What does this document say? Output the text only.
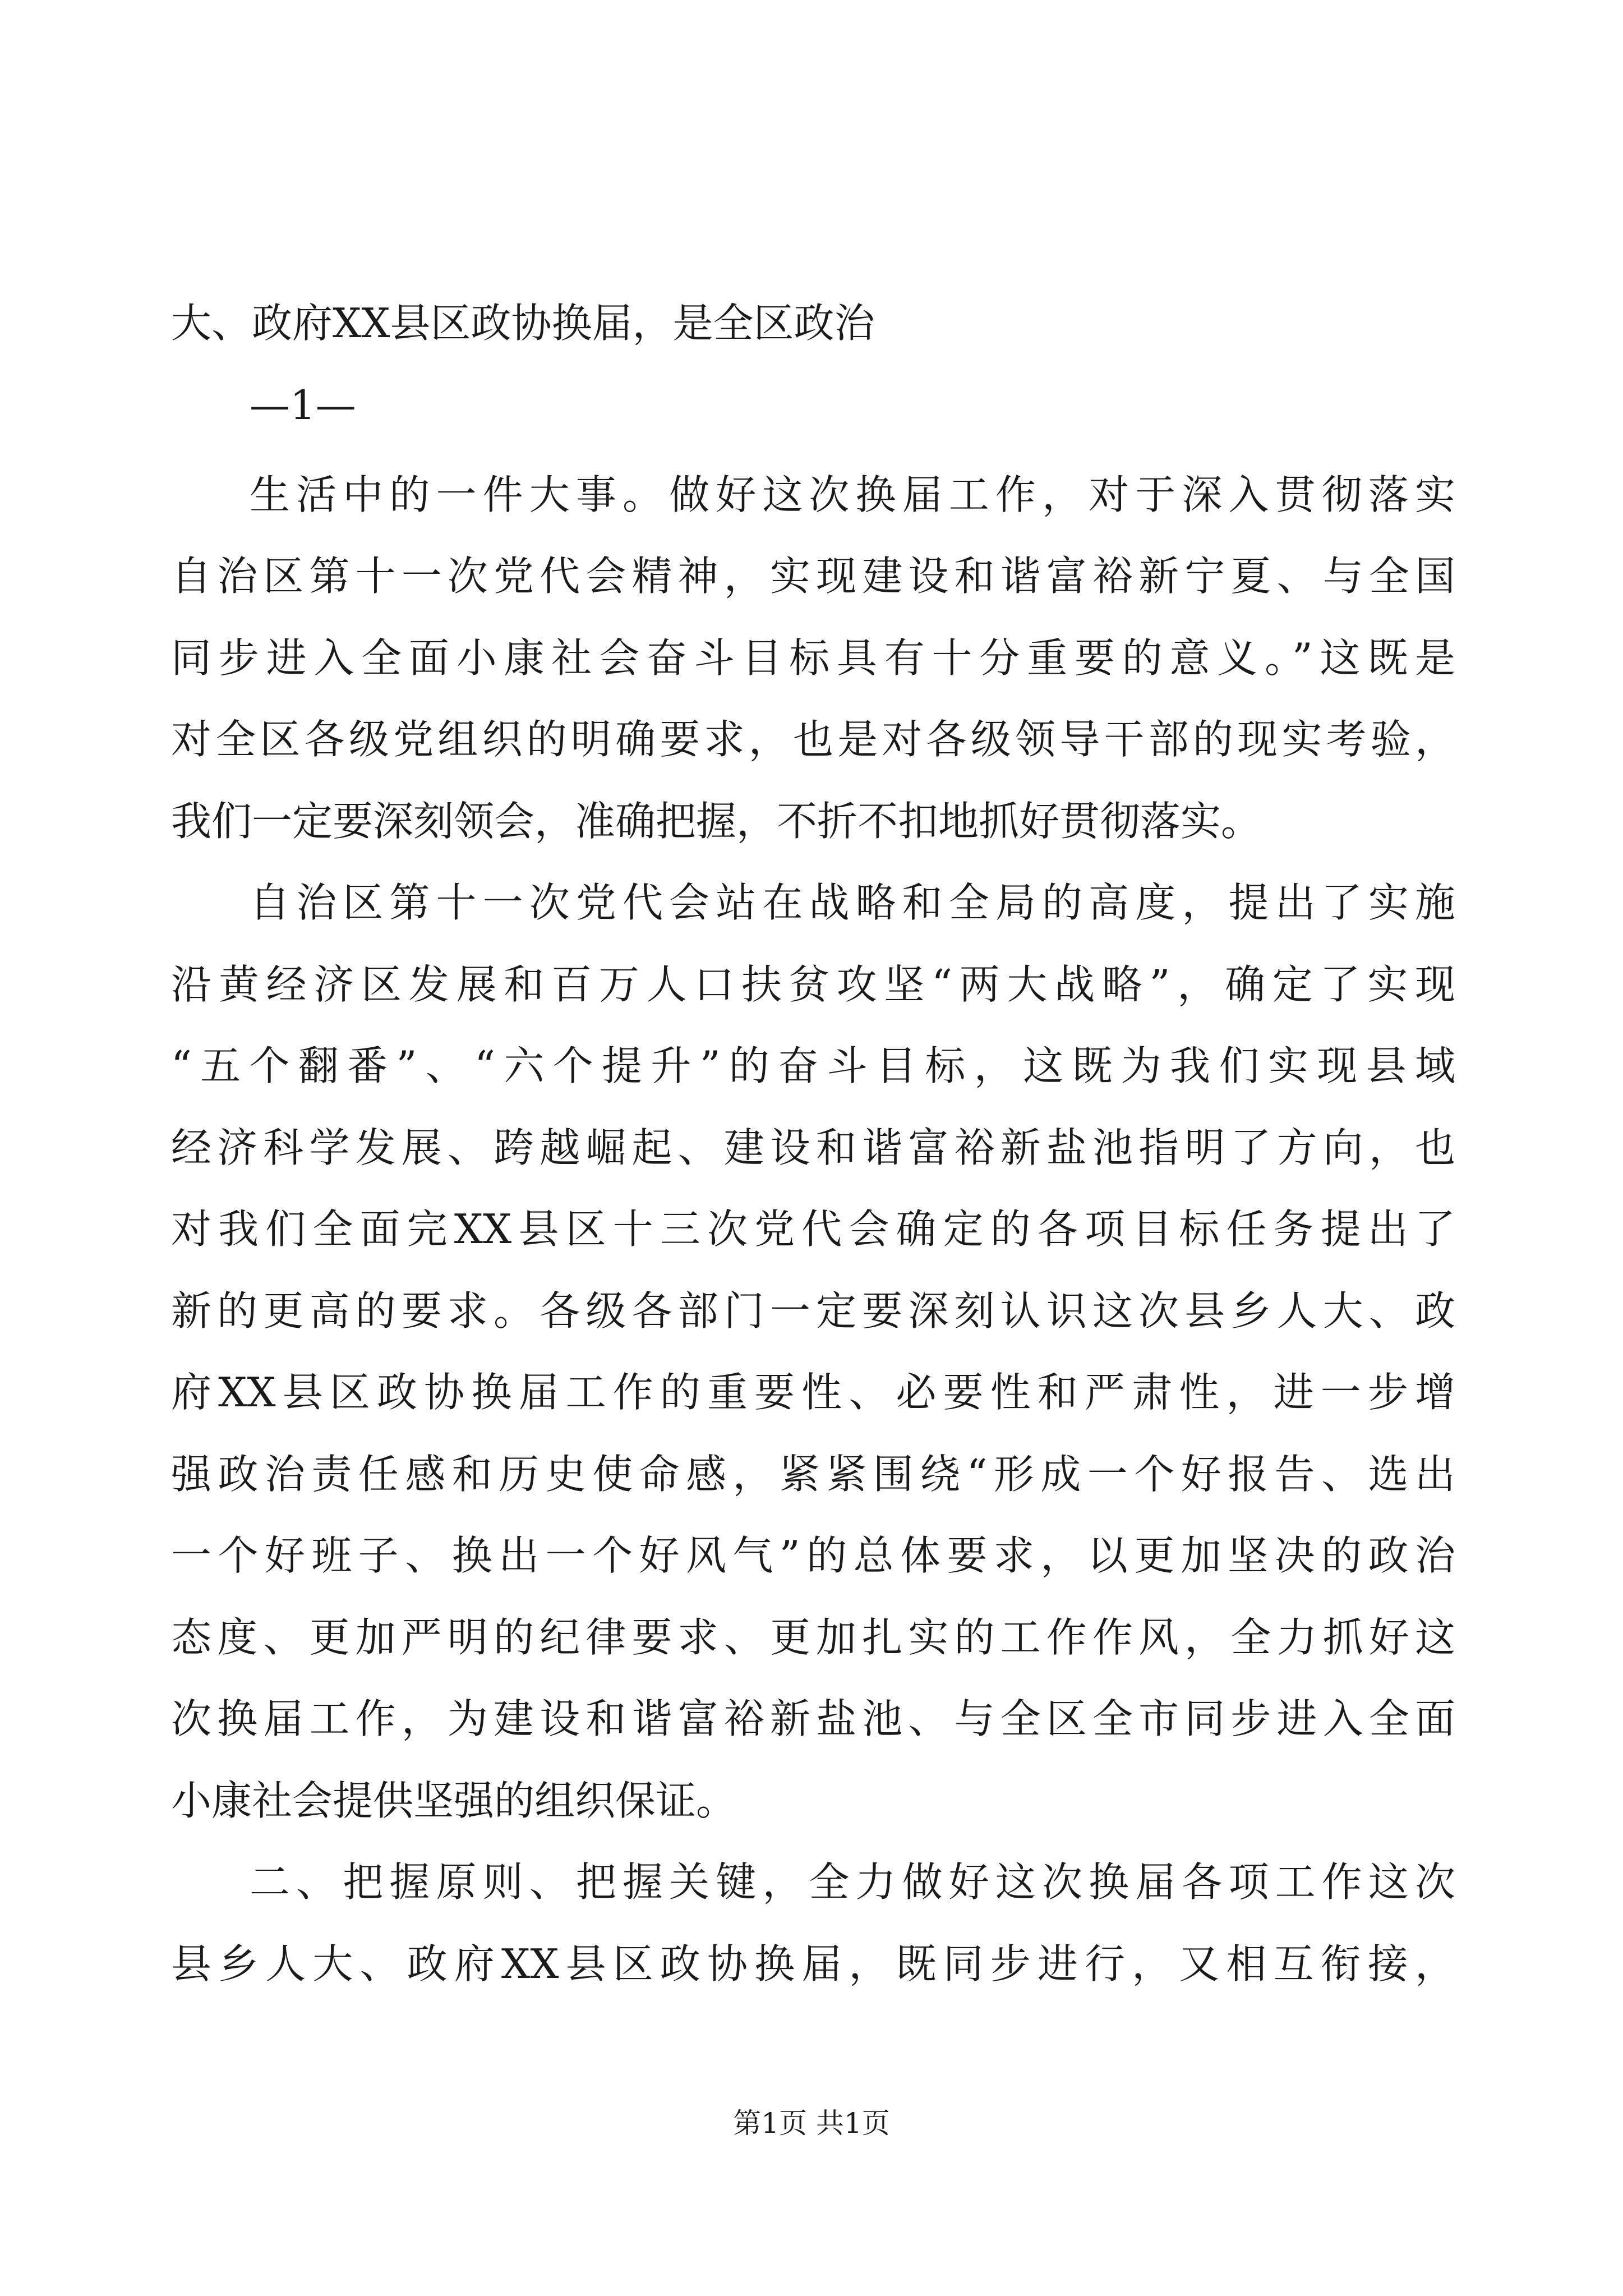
大、政府XX县区政协换届，是全区政治
—1—
生活中的一件大事。做好这次换届工作，对于深入贯彻落实
自治区第十一次党代会精神，实现建设和谐富裕新宁夏、与全国
同步进入全面小康社会奋斗目标具有十分重要的意义。”这既是
对全区各级党组织的明确要求，也是对各级领导干部的现实考验，
我们一定要深刻领会，准确把握，不折不扣地抓好贯彻落实。
自治区第十一次党代会站在战略和全局的高度，提出了实施
沿黄经济区发展和百万人口扶贫攻坚“两大战略”，确定了实现
“五个翻番”、“六个提升”的奋斗目标，这既为我们实现县域
经济科学发展、跨越崛起、建设和谐富裕新盐池指明了方向，也
对我们全面完XX县区十三次党代会确定的各项目标任务提出了
新的更高的要求。各级各部门一定要深刻认识这次县乡人大、政
府XX县区政协换届工作的重要性、必要性和严肃性，进一步增
强政治责任感和历史使命感，紧紧围绕“形成一个好报告、选出
一个好班子、换出一个好风气”的总体要求，以更加坚决的政治
态度、更加严明的纪律要求、更加扎实的工作作风，全力抓好这
次换届工作，为建设和谐富裕新盐池、与全区全市同步进入全面
小康社会提供坚强的组织保证。
二、把握原则、把握关键，全力做好这次换届各项工作这次
县乡人大、政府XX县区政协换届，既同步进行，又相互衔接，
第1页 共1页
